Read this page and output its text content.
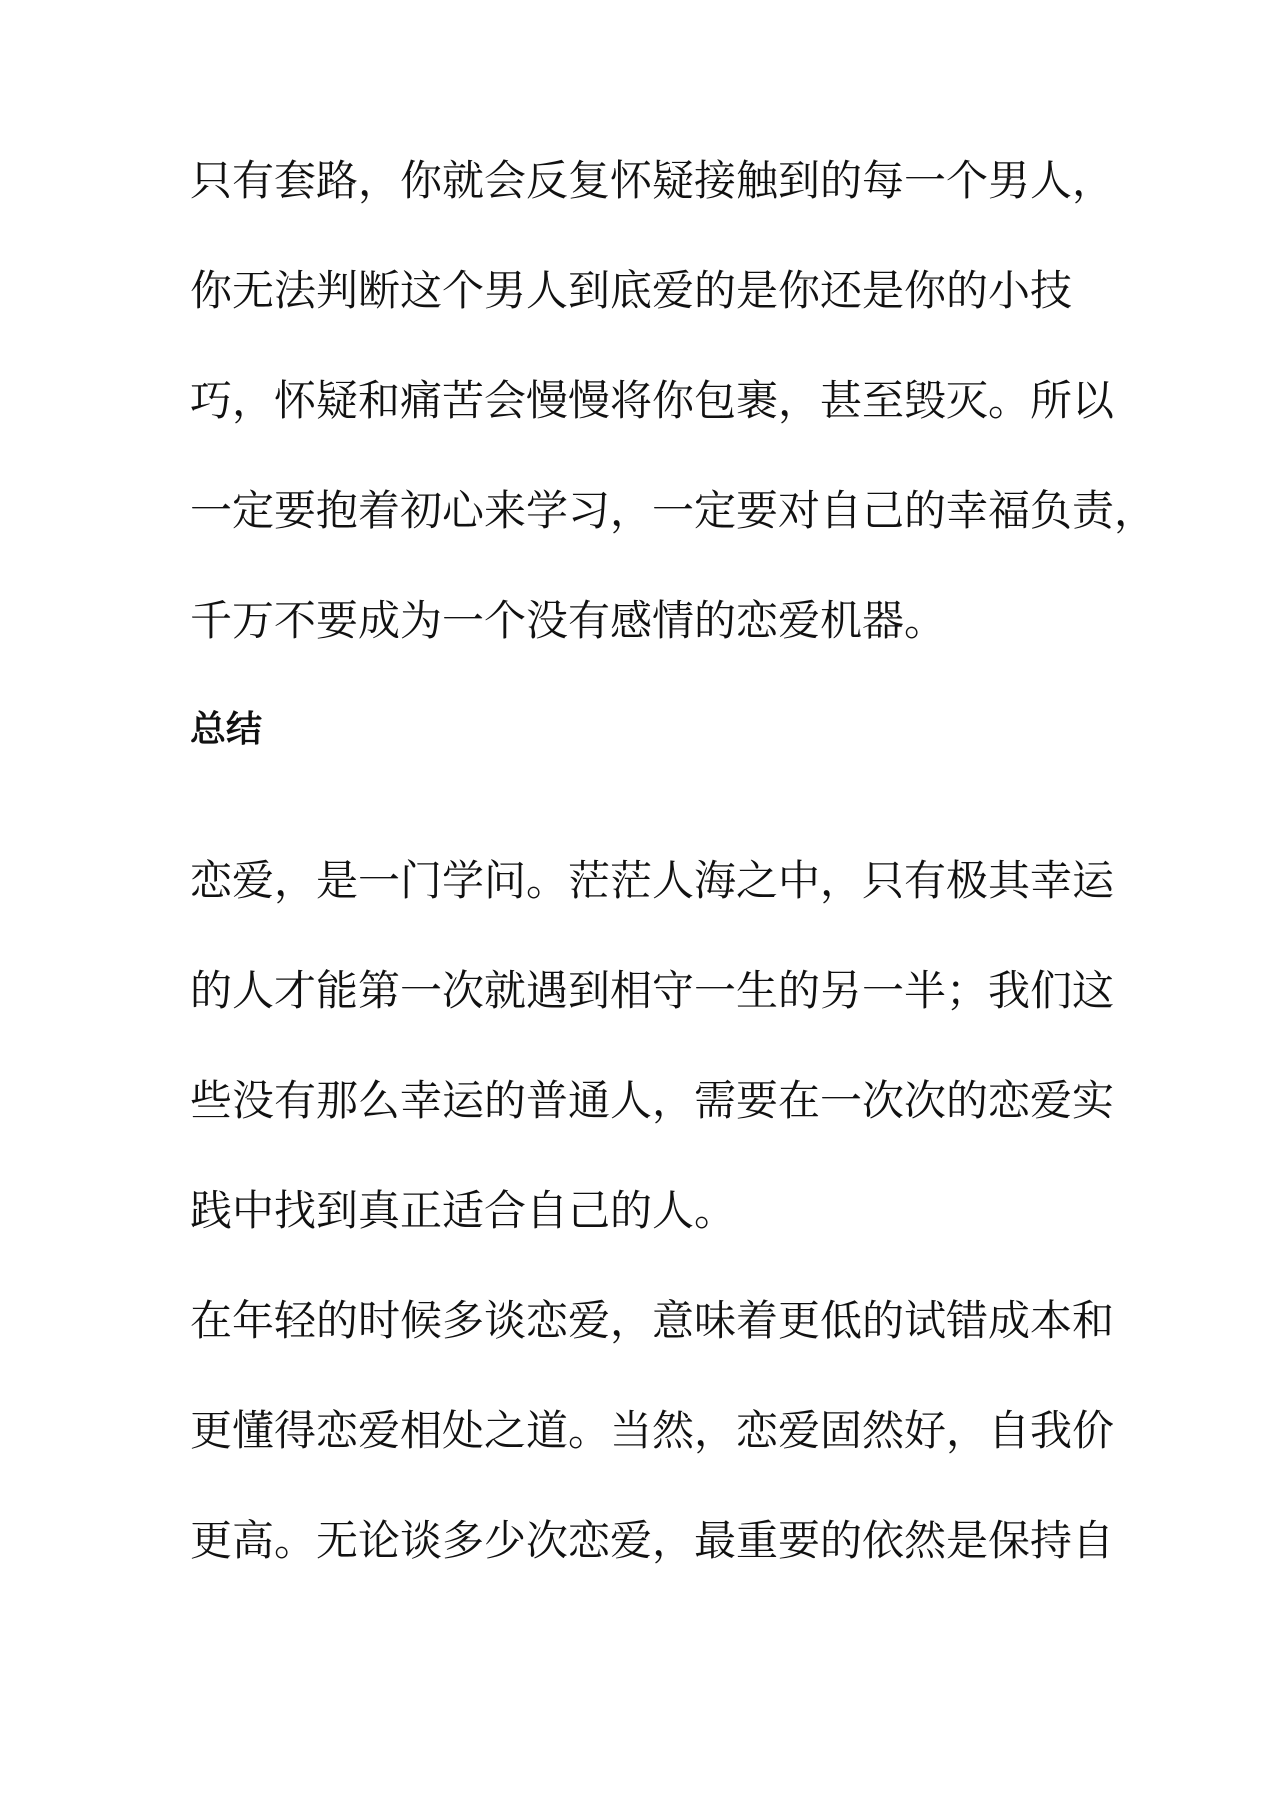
只有套路，你就会反复怀疑接触到的每一个男人，
你无法判断这个男人到底爱的是你还是你的小技
巧，怀疑和痛苦会慢慢将你包裹，甚至毁灭。所以
一定要抱着初心来学习，一定要对自己的幸福负责，
千万不要成为一个没有感情的恋爱机器。
总结
恋爱，是一门学问。茫茫人海之中，只有极其幸运
的人才能第一次就遇到相守一生的另一半；我们这
些没有那么幸运的普通人，需要在一次次的恋爱实
践中找到真正适合自己的人。
在年轻的时候多谈恋爱，意味着更低的试错成本和
更懂得恋爱相处之道。当然，恋爱固然好，自我价
更高。无论谈多少次恋爱，最重要的依然是保持自
